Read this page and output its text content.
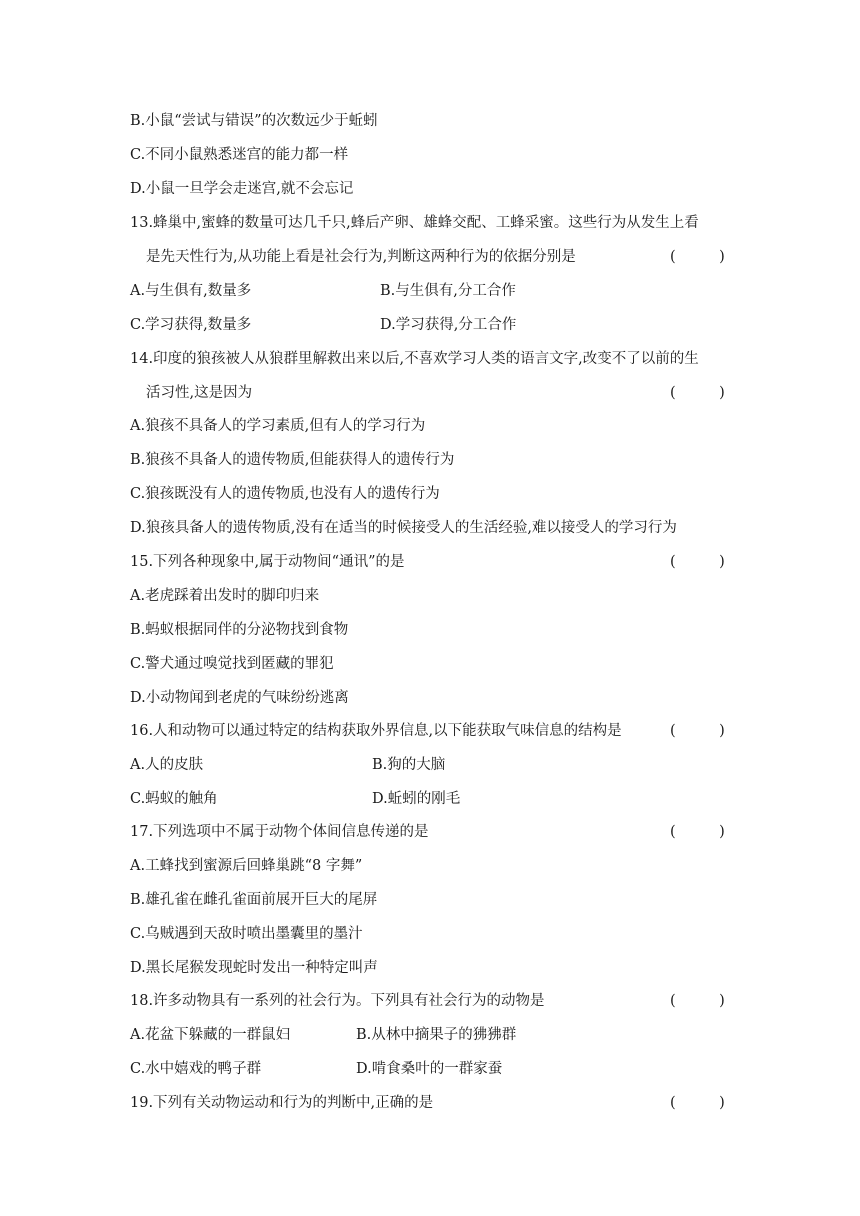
B.小鼠“尝试与错误”的次数远少于蚯蚓
C.不同小鼠熟悉迷宫的能力都一样
D.小鼠一旦学会走迷宫,就不会忘记
13.蜂巢中,蜜蜂的数量可达几千只,蜂后产卵、雄蜂交配、工蜂采蜜。这些行为从发生上看
是先天性行为,从功能上看是社会行为,判断这两种行为的依据分别是	(　　　)
A.与生俱有,数量多	B.与生俱有,分工合作
C.学习获得,数量多	D.学习获得,分工合作
14.印度的狼孩被人从狼群里解救出来以后,不喜欢学习人类的语言文字,改变不了以前的生
活习性,这是因为	(　　　)
A.狼孩不具备人的学习素质,但有人的学习行为
B.狼孩不具备人的遗传物质,但能获得人的遗传行为
C.狼孩既没有人的遗传物质,也没有人的遗传行为
D.狼孩具备人的遗传物质,没有在适当的时候接受人的生活经验,难以接受人的学习行为
15.下列各种现象中,属于动物间“通讯”的是	(　　　)
A.老虎踩着出发时的脚印归来
B.蚂蚁根据同伴的分泌物找到食物
C.警犬通过嗅觉找到匿藏的罪犯
D.小动物闻到老虎的气味纷纷逃离
16.人和动物可以通过特定的结构获取外界信息,以下能获取气味信息的结构是	(　　　)
A.人的皮肤	B.狗的大脑
C.蚂蚁的触角	D.蚯蚓的刚毛
17.下列选项中不属于动物个体间信息传递的是	(　　　)
A.工蜂找到蜜源后回蜂巢跳“8 字舞”
B.雄孔雀在雌孔雀面前展开巨大的尾屏
C.乌贼遇到天敌时喷出墨囊里的墨汁
D.黑长尾猴发现蛇时发出一种特定叫声
18.许多动物具有一系列的社会行为。下列具有社会行为的动物是	(　　　)
A.花盆下躲藏的一群鼠妇	B.从林中摘果子的狒狒群
C.水中嬉戏的鸭子群	D.啃食桑叶的一群家蚕
19.下列有关动物运动和行为的判断中,正确的是	(　　　)
